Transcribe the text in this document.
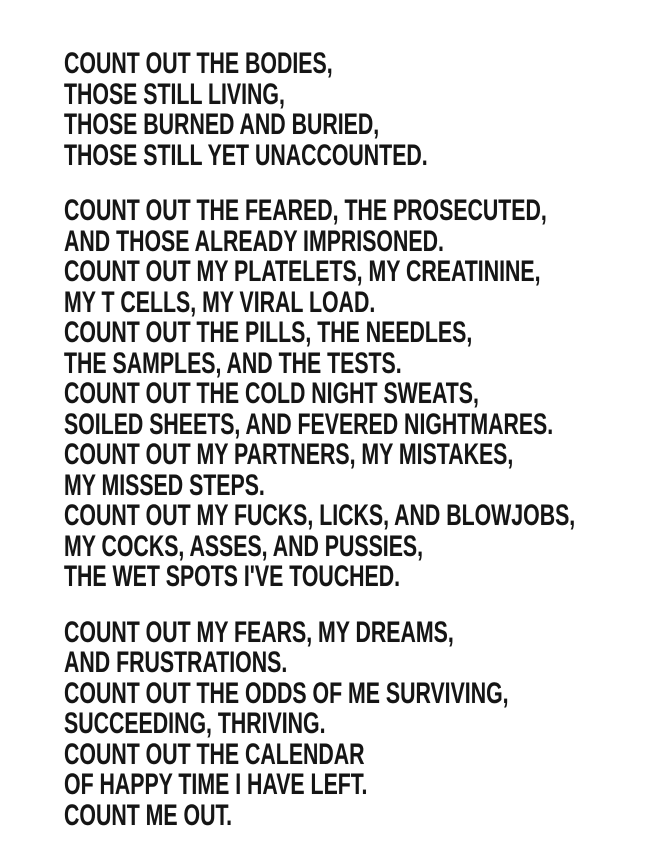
COUNT OUT THE BODIES,
THOSE STILL LIVING,
THOSE BURNED AND BURIED,
THOSE STILL YET UNACCOUNTED.
COUNT OUT THE FEARED, THE PROSECUTED,
AND THOSE ALREADY IMPRISONED.
COUNT OUT MY PLATELETS, MY CREATININE,
MY T CELLS, MY VIRAL LOAD.
COUNT OUT THE PILLS, THE NEEDLES,
THE SAMPLES, AND THE TESTS.
COUNT OUT THE COLD NIGHT SWEATS,
SOILED SHEETS, AND FEVERED NIGHTMARES.
COUNT OUT MY PARTNERS, MY MISTAKES,
MY MISSED STEPS.
COUNT OUT MY FUCKS, LICKS, AND BLOWJOBS,
MY COCKS, ASSES, AND PUSSIES,
THE WET SPOTS I'VE TOUCHED.
COUNT OUT MY FEARS, MY DREAMS,
AND FRUSTRATIONS.
COUNT OUT THE ODDS OF ME SURVIVING,
SUCCEEDING, THRIVING.
COUNT OUT THE CALENDAR
OF HAPPY TIME I HAVE LEFT.
COUNT ME OUT.
